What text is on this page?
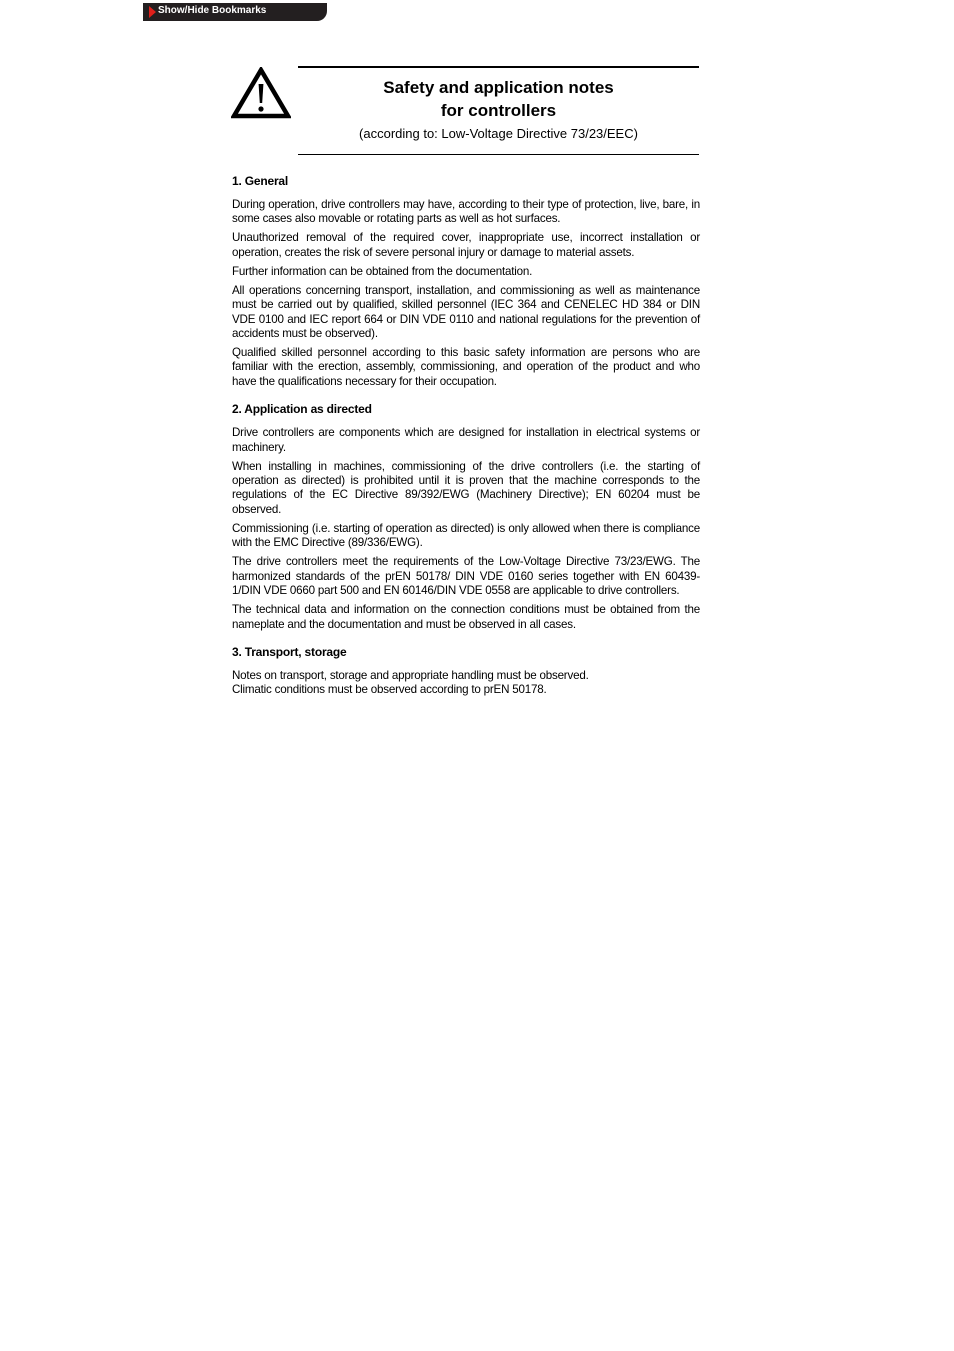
Show/Hide Bookmarks
Safety and application notes
for controllers
(according to: Low-Voltage Directive 73/23/EEC)
1. General

During operation, drive controllers may have, according to their type of protection, live, bare, in some cases also movable or rotating parts as well as hot surfaces.

Unauthorized removal of the required cover, inappropriate use, incorrect installation or operation, creates the risk of severe personal injury or damage to material assets.

Further information can be obtained from the documentation.

All operations concerning transport, installation, and commissioning as well as maintenance must be carried out by qualified, skilled personnel (IEC 364 and CENELEC HD 384 or DIN VDE 0100 and IEC report 664 or DIN VDE 0110 and national regulations for the prevention of accidents must be observed).

Qualified skilled personnel according to this basic safety information are persons who are familiar with the erection, assembly, commissioning, and operation of the product and who have the qualifications necessary for their occupation.

2. Application as directed

Drive controllers are components which are designed for installation in electrical systems or machinery.

When installing in machines, commissioning of the drive controllers (i.e. the starting of operation as directed) is prohibited until it is proven that the machine corresponds to the regulations of the EC Directive 89/392/EWG (Machinery Directive); EN 60204 must be observed.

Commissioning (i.e. starting of operation as directed) is only allowed when there is compliance with the EMC Directive (89/336/EWG).

The drive controllers meet the requirements of the Low-Voltage Directive 73/23/EWG. The harmonized standards of the prEN 50178/ DIN VDE 0160 series together with EN 60439-1/DIN VDE 0660 part 500 and EN 60146/DIN VDE 0558 are applicable to drive controllers.

The technical data and information on the connection conditions must be obtained from the nameplate and the documentation and must be observed in all cases.

3. Transport, storage

Notes on transport, storage and appropriate handling must be observed.

Climatic conditions must be observed according to prEN 50178.
